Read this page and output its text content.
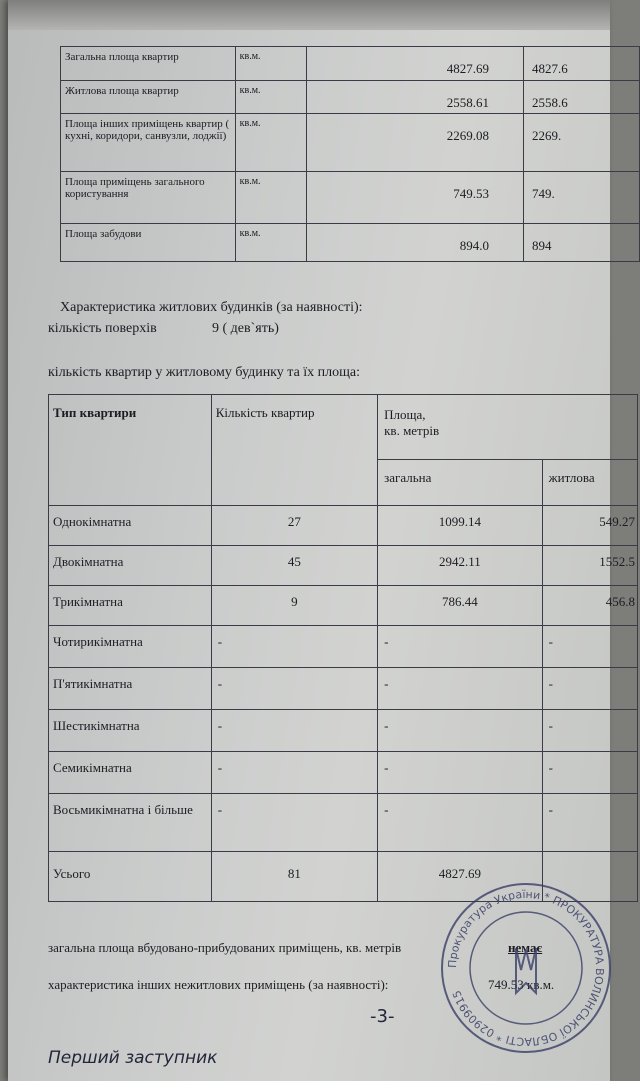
Загальна площа квартир	кв.м.	4827.69	4827.6
Житлова площа квартир	кв.м.	2558.61	2558.6
Площа інших приміщень квартир ( кухні, коридори, санвузли, лоджії)	кв.м.	2269.08	2269.
Площа приміщень загального користування	кв.м.	749.53	749.
Площа забудови	кв.м.	894.0	894
Характеристика житлових будинків (за наявності):
кількість поверхів	9 ( дев`ять)
кількість квартир у житловому будинку та їх площа:
Тип квартири	Кількість квартир	Площа,
кв. метрів	
		загальна	житлова
Однокімнатна	27	1099.14	549.27
Двокімнатна	45	2942.11	1552.5
Трикімнатна	9	786.44	456.8
Чотирикімнатна	-	-	-
П'ятикімнатна	-	-	-
Шестикімнатна	-	-	-
Семикімнатна	-	-	-
Восьмикімнатна і більше	-	-	-
Усього	81	4827.69	
загальна площа вбудовано-прибудованих приміщень, кв. метрів	немає
характеристика інших нежитлових приміщень (за наявності):	749.53 кв.м.
-3-
Перший заступник
Прокуратура України * ПРОКУРАТУРА ВОЛИНСЬКОЇ ОБЛАСТІ * 02909915
